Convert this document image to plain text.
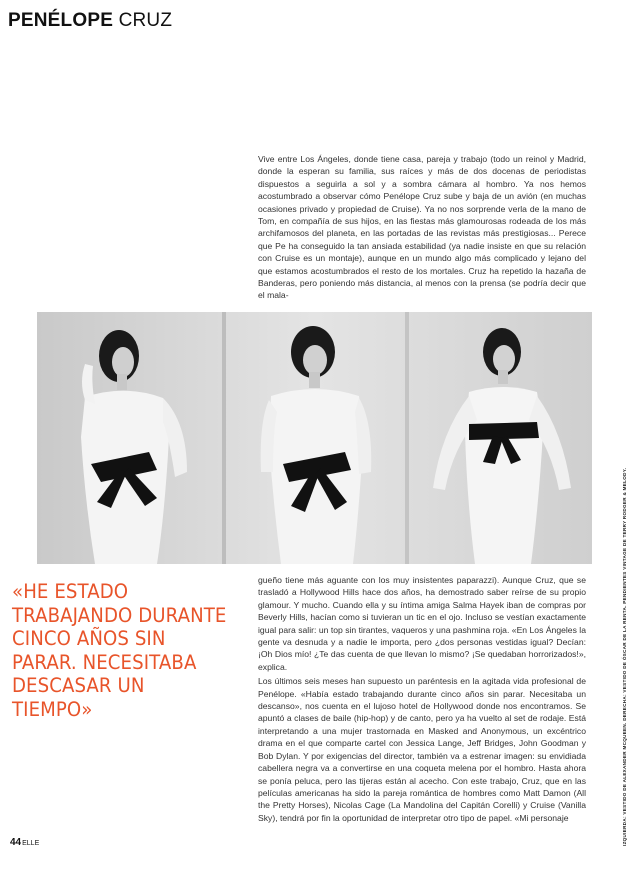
PENÉLOPE CRUZ

Vive entre Los Ángeles, donde tiene casa, pareja y trabajo (todo un reinol y Madrid, donde la esperan su familia, sus raíces y más de dos docenas de periodistas dispuestos a seguirla a sol y a sombra cámara al hombro. Ya nos hemos acostumbrado a observar cómo Penélope Cruz sube y baja de un avión (en muchas ocasiones privado y propiedad de Cruise). Ya no nos sorprende verla de la mano de Tom, en compañía de sus hijos, en las fiestas más glamourosas rodeada de los más archifamosos del planeta, en las portadas de las revistas más prestigiosas... Perece que Pe ha conseguido la tan ansiada estabilidad (ya nadie insiste en que su relación con Cruise es un montaje), aunque en un mundo algo más complicado y lejano del que estamos acostumbrados el resto de los mortales. Cruz ha repetido la hazaña de Banderas, pero poniendo más distancia, al menos con la prensa (se podría decir que el mala-

«HE ESTADO TRABAJANDO DURANTE CINCO AÑOS SIN PARAR. NECESITABA DESCASAR UN TIEMPO»

gueño tiene más aguante con los muy insistentes paparazzi). Aunque Cruz, que se trasladó a Hollywood Hills hace dos años, ha demostrado saber reírse de su propio glamour. Y mucho. Cuando ella y su íntima amiga Salma Hayek iban de compras por Beverly Hills, hacían como si tuvieran un tic en el ojo. Incluso se vestían exactamente igual para salir: un top sin tirantes, vaqueros y una pashmina roja. «En Los Ángeles la gente va desnuda y a nadie le importa, pero ¿dos personas vestidas igual? Decían: ¡Oh Dios mío! ¿Te das cuenta de que llevan lo mismo? ¡Se quedaban horrorizados!», explica.

Los últimos seis meses han supuesto un paréntesis en la agitada vida profesional de Penélope. «Había estado trabajando durante cinco años sin parar. Necesitaba un descanso», nos cuenta en el lujoso hotel de Hollywood donde nos encontramos. Se apuntó a clases de baile (hip-hop) y de canto, pero ya ha vuelto al set de rodaje. Está interpretando a una mujer trastornada en Masked and Anonymous, un excéntrico drama en el que comparte cartel con Jessica Lange, Jeff Bridges, John Goodman y Bob Dylan. Y por exigencias del director, también va a estrenar imagen: su envidiada cabellera negra va a convertirse en una coqueta melena por el hombro. Hasta ahora se ponía peluca, pero las tijeras están al acecho. Con este trabajo, Cruz, que en las películas americanas ha sido la pareja romántica de hombres como Matt Damon (All the Pretty Horses), Nicolas Cage (La Mandolina del Capitán Corelli) y Cruise (Vanilla Sky), tendrá por fin la oportunidad de interpretar otro tipo de papel. «Mi personaje

44ELLE	IZQUIERDA: VESTIDO DE ALEXANDER MCQUEEN. DERECHA: VESTIDO DE ÓSCAR DE LA RENTA. PENDIENTES VINTAGE DE TERRY RODGER & MELODY.
